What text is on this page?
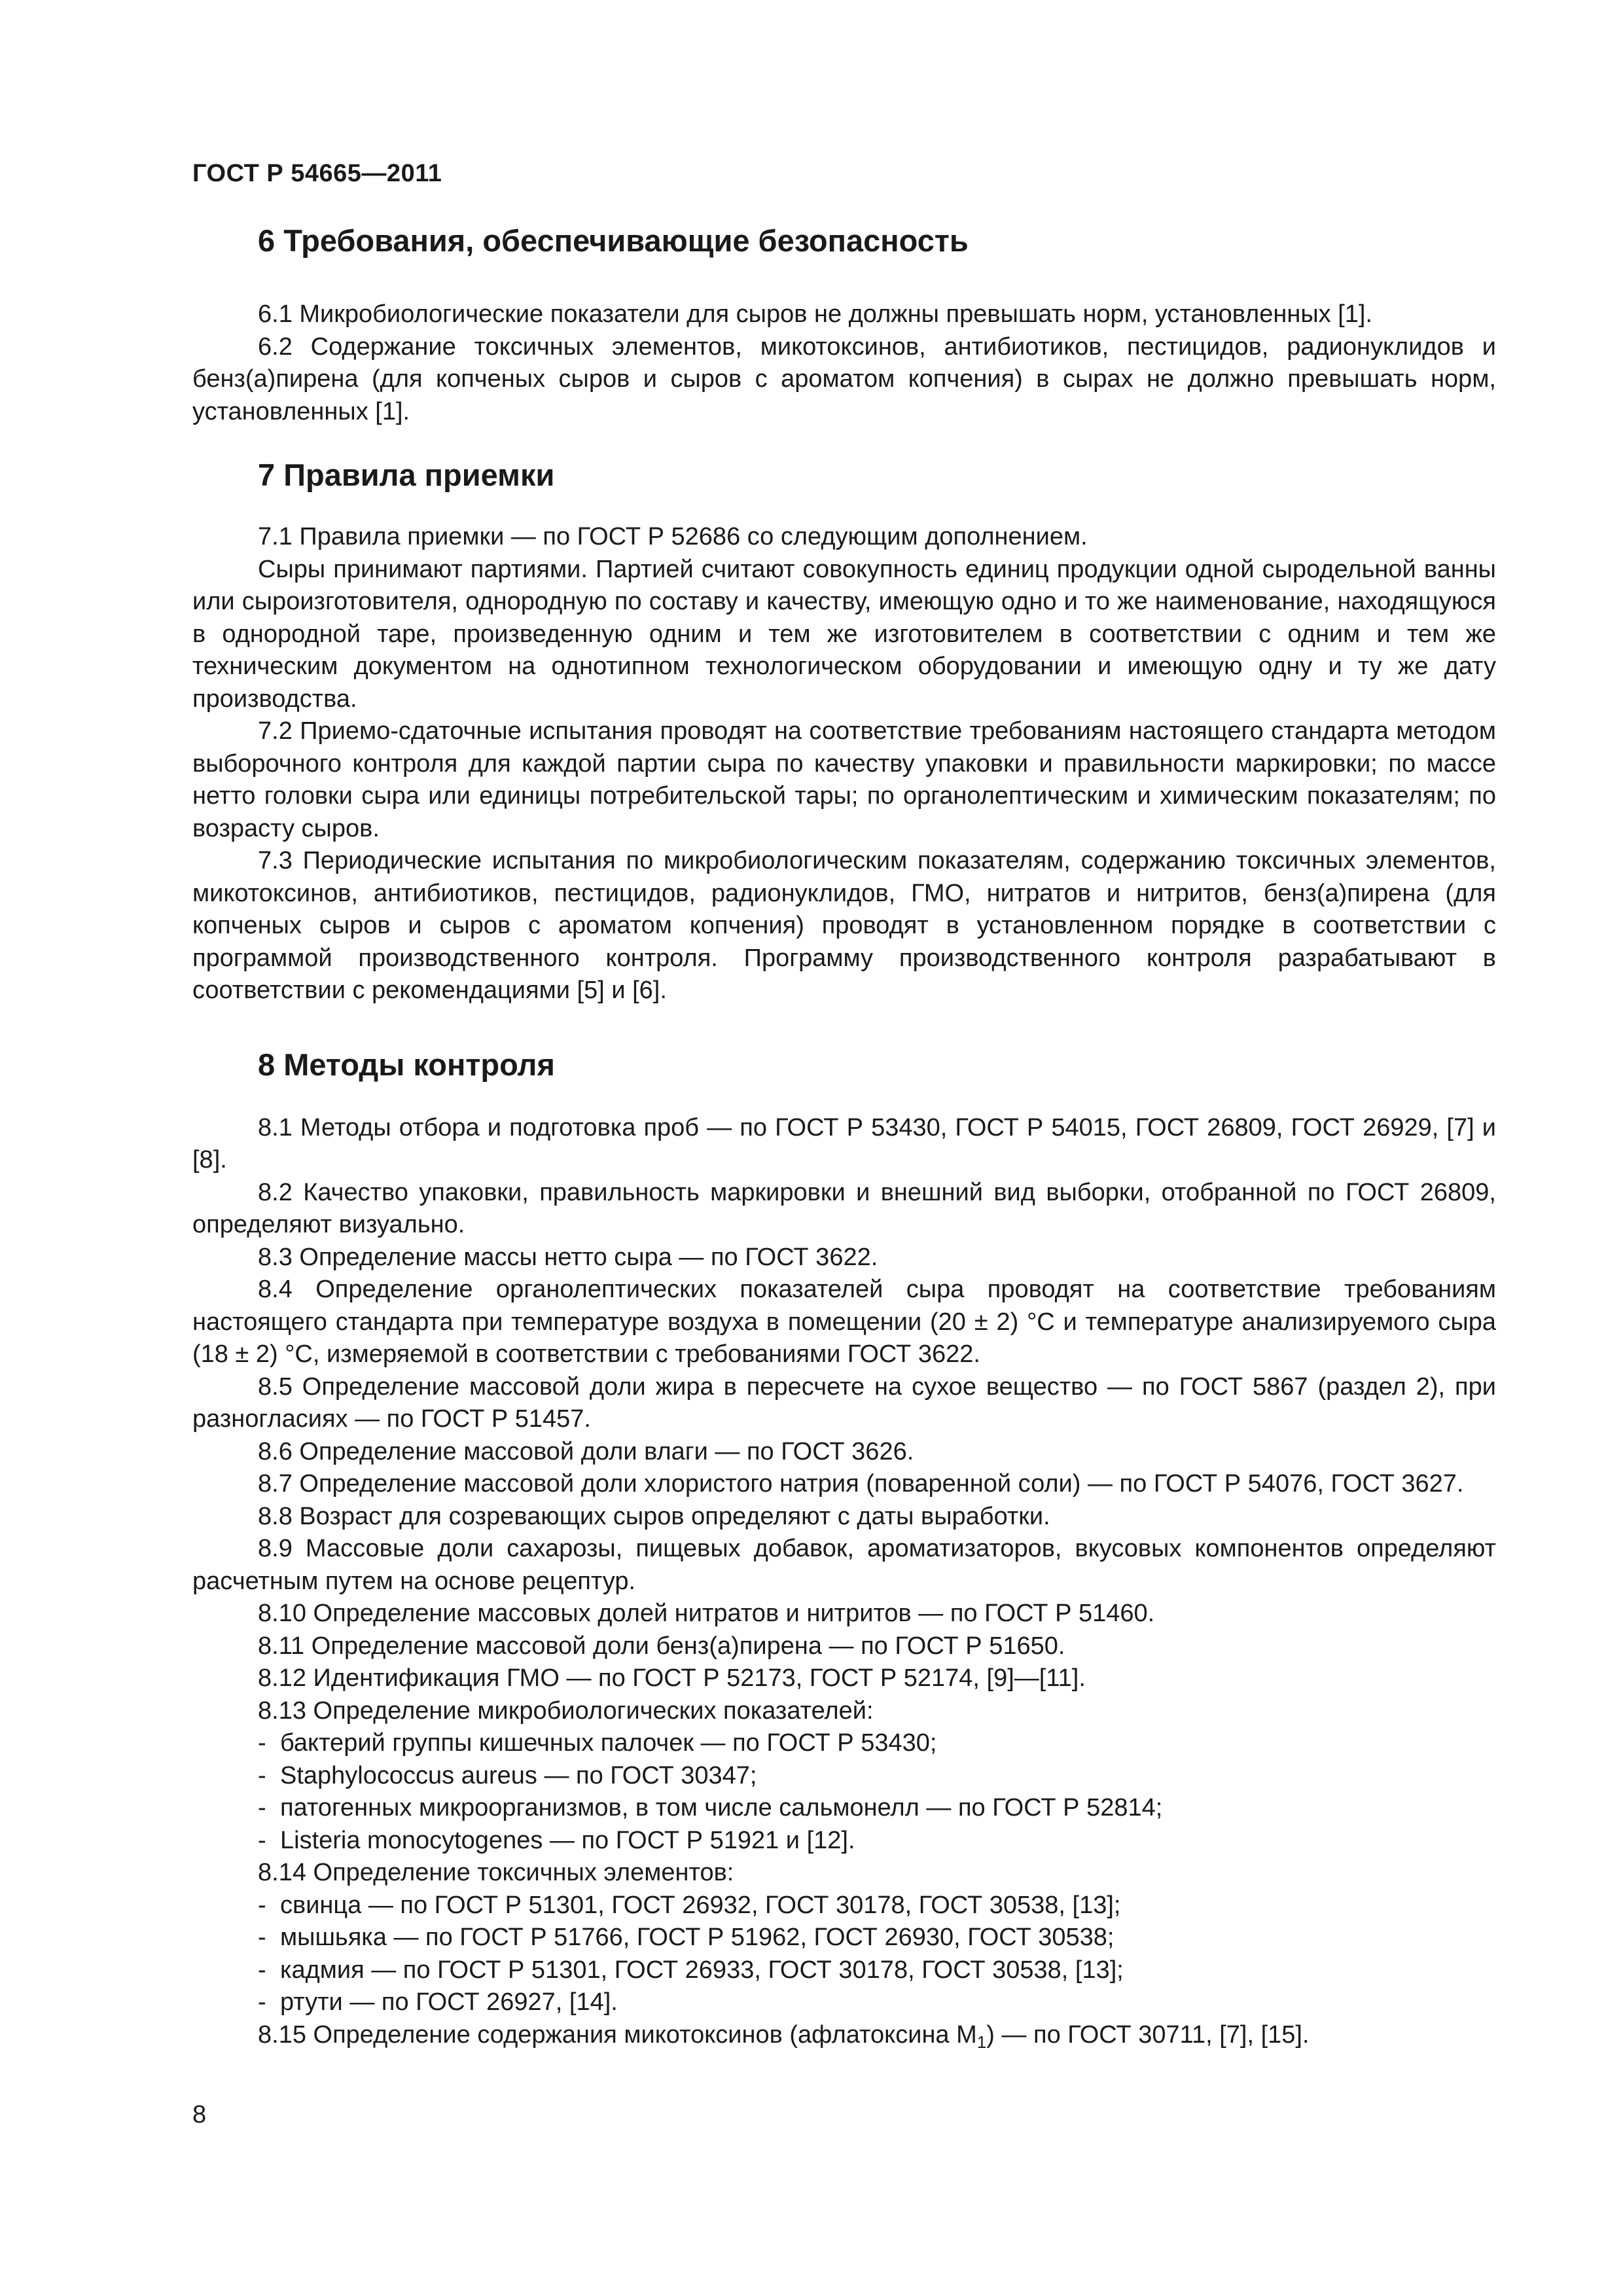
ГОСТ Р 54665—2011
6 Требования, обеспечивающие безопасность

6.1 Микробиологические показатели для сыров не должны превышать норм, установленных [1].

6.2 Содержание токсичных элементов, микотоксинов, антибиотиков, пестицидов, радионуклидов и бенз(а)пирена (для копченых сыров и сыров с ароматом копчения) в сырах не должно превышать норм, установленных [1].

7 Правила приемки

7.1 Правила приемки — по ГОСТ Р 52686 со следующим дополнением.

Сыры принимают партиями. Партией считают совокупность единиц продукции одной сыродельной ванны или сыроизготовителя, однородную по составу и качеству, имеющую одно и то же наименование, находящуюся в однородной таре, произведенную одним и тем же изготовителем в соответствии с одним и тем же техническим документом на однотипном технологическом оборудовании и имеющую одну и ту же дату производства.

7.2 Приемо-сдаточные испытания проводят на соответствие требованиям настоящего стандарта методом выборочного контроля для каждой партии сыра по качеству упаковки и правильности маркировки; по массе нетто головки сыра или единицы потребительской тары; по органолептическим и химическим показателям; по возрасту сыров.

7.3 Периодические испытания по микробиологическим показателям, содержанию токсичных элементов, микотоксинов, антибиотиков, пестицидов, радионуклидов, ГМО, нитратов и нитритов, бенз(а)пирена (для копченых сыров и сыров с ароматом копчения) проводят в установленном порядке в соответствии с программой производственного контроля. Программу производственного контроля разрабатывают в соответствии с рекомендациями [5] и [6].

8 Методы контроля

8.1 Методы отбора и подготовка проб — по ГОСТ Р 53430, ГОСТ Р 54015, ГОСТ 26809, ГОСТ 26929, [7] и [8].

8.2 Качество упаковки, правильность маркировки и внешний вид выборки, отобранной по ГОСТ 26809, определяют визуально.

8.3 Определение массы нетто сыра — по ГОСТ 3622.

8.4 Определение органолептических показателей сыра проводят на соответствие требованиям настоящего стандарта при температуре воздуха в помещении (20 ± 2) °С и температуре анализируемого сыра (18 ± 2) °С, измеряемой в соответствии с требованиями ГОСТ 3622.

8.5 Определение массовой доли жира в пересчете на сухое вещество — по ГОСТ 5867 (раздел 2), при разногласиях — по ГОСТ Р 51457.

8.6 Определение массовой доли влаги — по ГОСТ 3626.

8.7 Определение массовой доли хлористого натрия (поваренной соли) — по ГОСТ Р 54076, ГОСТ 3627.

8.8 Возраст для созревающих сыров определяют с даты выработки.

8.9 Массовые доли сахарозы, пищевых добавок, ароматизаторов, вкусовых компонентов определяют расчетным путем на основе рецептур.

8.10 Определение массовых долей нитратов и нитритов — по ГОСТ Р 51460.

8.11 Определение массовой доли бенз(а)пирена — по ГОСТ Р 51650.

8.12 Идентификация ГМО — по ГОСТ Р 52173, ГОСТ Р 52174, [9]—[11].

8.13 Определение микробиологических показателей:

- бактерий группы кишечных палочек — по ГОСТ Р 53430;

- Staphylococcus aureus — по ГОСТ 30347;

- патогенных микроорганизмов, в том числе сальмонелл — по ГОСТ Р 52814;

- Listeria monocytogenes — по ГОСТ Р 51921 и [12].

8.14 Определение токсичных элементов:

- свинца — по ГОСТ Р 51301, ГОСТ 26932, ГОСТ 30178, ГОСТ 30538, [13];

- мышьяка — по ГОСТ Р 51766, ГОСТ Р 51962, ГОСТ 26930, ГОСТ 30538;

- кадмия — по ГОСТ Р 51301, ГОСТ 26933, ГОСТ 30178, ГОСТ 30538, [13];

- ртути — по ГОСТ 26927, [14].

8.15 Определение содержания микотоксинов (афлатоксина $M_1$) — по ГОСТ 30711, [7], [15].

8
